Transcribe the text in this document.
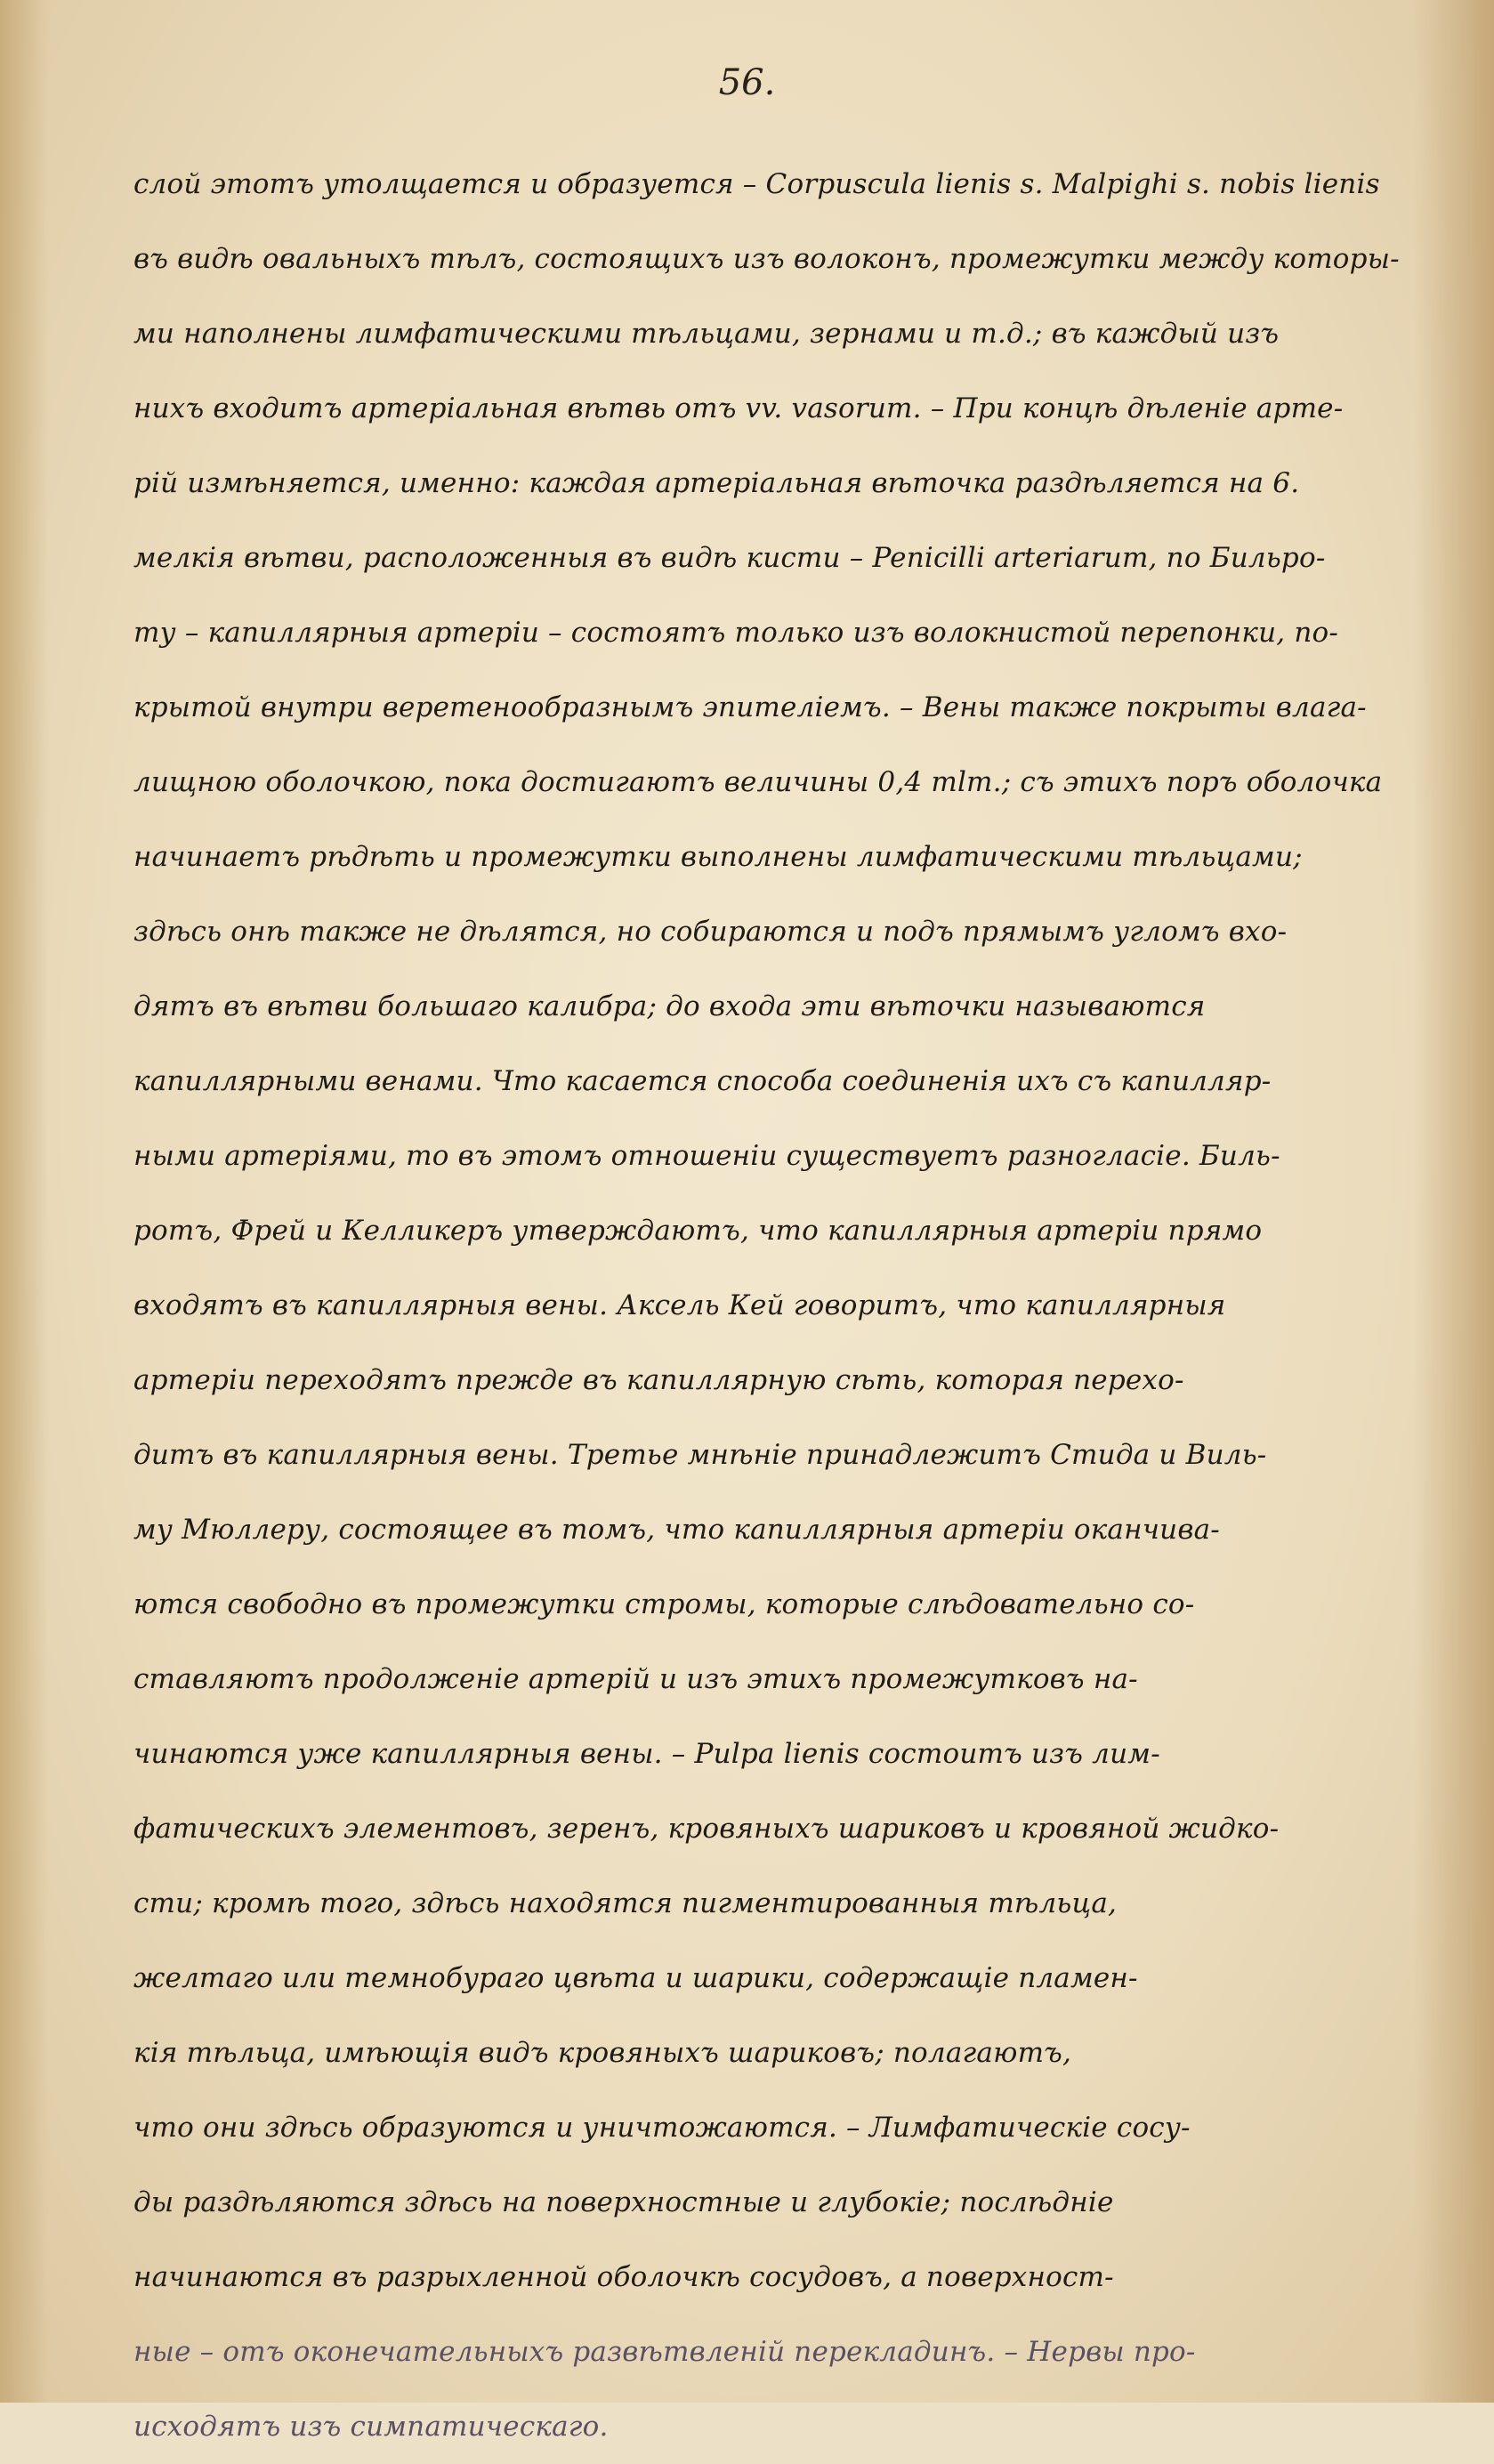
56.
слой этотъ утолщается и образуется – Corpuscula lienis s. Malpighi s. nobis lienis
въ видѣ овальныхъ тѣлъ, состоящихъ изъ волоконъ, промежутки между которы-
ми наполнены лимфатическими тѣльцами, зернами и т.д.; въ каждый изъ
нихъ входитъ артеріальная вѣтвь отъ vv. vasorum. – При концѣ дѣленіе арте-
рій измѣняется, именно: каждая артеріальная вѣточка раздѣляется на 6.
мелкія вѣтви, расположенныя въ видѣ кисти – Penicilli arteriarum, по Бильро-
ту – капиллярныя артеріи – состоятъ только изъ волокнистой перепонки, по-
крытой внутри веретенообразнымъ эпителіемъ. – Вены также покрыты влага-
лищною оболочкою, пока достигаютъ величины 0,4 mlm.; съ этихъ поръ оболочка
начинаетъ рѣдѣть и промежутки выполнены лимфатическими тѣльцами;
здѣсь онѣ также не дѣлятся, но собираются и подъ прямымъ угломъ вхо-
дятъ въ вѣтви большаго калибра; до входа эти вѣточки называются
капиллярными венами. Что касается способа соединенія ихъ съ капилляр-
ными артеріями, то въ этомъ отношеніи существуетъ разногласіе. Биль-
ротъ, Фрей и Келликеръ утверждаютъ, что капиллярныя артеріи прямо
входятъ въ капиллярныя вены. Аксель Кей говоритъ, что капиллярныя
артеріи переходятъ прежде въ капиллярную сѣть, которая перехо-
дитъ въ капиллярныя вены. Третье мнѣніе принадлежитъ Стида и Виль-
му Мюллеру, состоящее въ томъ, что капиллярныя артеріи оканчива-
ются свободно въ промежутки стромы, которые слѣдовательно со-
ставляютъ продолженіе артерій и изъ этихъ промежутковъ на-
чинаются уже капиллярныя вены. – Pulpa lienis состоитъ изъ лим-
фатическихъ элементовъ, зеренъ, кровяныхъ шариковъ и кровяной жидко-
сти; кромѣ того, здѣсь находятся пигментированныя тѣльца,
желтаго или темнобураго цвѣта и шарики, содержащіе пламен-
кія тѣльца, имѣющія видъ кровяныхъ шариковъ; полагаютъ,
что они здѣсь образуются и уничтожаются. – Лимфатическіе сосу-
ды раздѣляются здѣсь на поверхностные и глубокіе; послѣдніе
начинаются въ разрыхленной оболочкѣ сосудовъ, а поверхност-
ные – отъ оконечательныхъ развѣтвленій перекладинъ. – Нервы про-
исходятъ изъ симпатическаго.
